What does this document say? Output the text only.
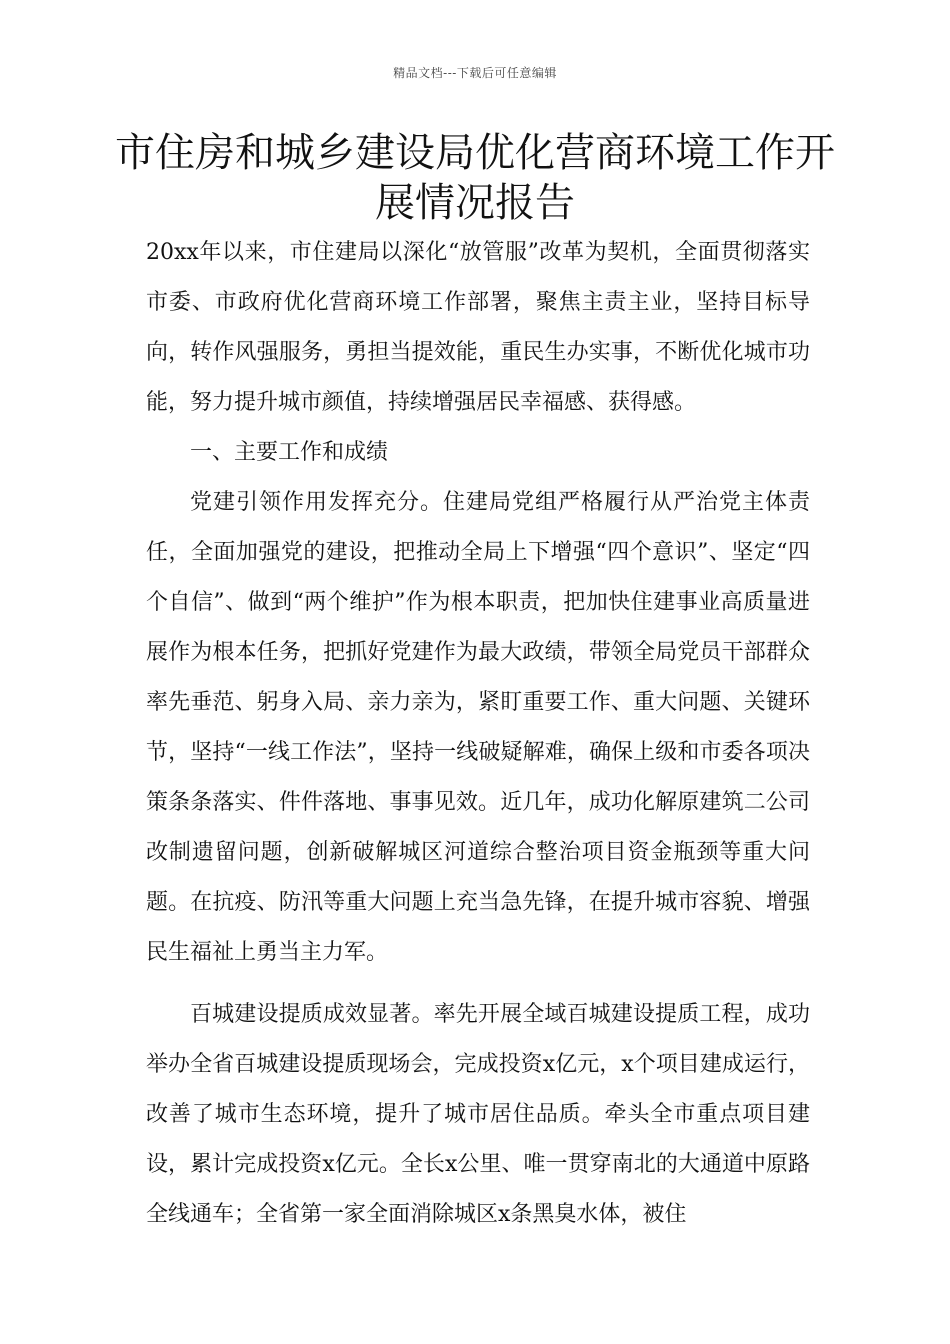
精品文档---下载后可任意编辑
市住房和城乡建设局优化营商环境工作开展情况报告

20xx年以来，市住建局以深化“放管服”改革为契机，全面贯彻落实市委、市政府优化营商环境工作部署，聚焦主责主业，坚持目标导向，转作风强服务，勇担当提效能，重民生办实事，不断优化城市功能，努力提升城市颜值，持续增强居民幸福感、获得感。

一、主要工作和成绩

党建引领作用发挥充分。住建局党组严格履行从严治党主体责任，全面加强党的建设，把推动全局上下增强“四个意识”、坚定“四个自信”、做到“两个维护”作为根本职责，把加快住建事业高质量进展作为根本任务，把抓好党建作为最大政绩，带领全局党员干部群众率先垂范、躬身入局、亲力亲为，紧盯重要工作、重大问题、关键环节，坚持“一线工作法”，坚持一线破疑解难，确保上级和市委各项决策条条落实、件件落地、事事见效。近几年，成功化解原建筑二公司改制遗留问题，创新破解城区河道综合整治项目资金瓶颈等重大问题。在抗疫、防汛等重大问题上充当急先锋，在提升城市容貌、增强民生福祉上勇当主力军。

百城建设提质成效显著。率先开展全域百城建设提质工程，成功举办全省百城建设提质现场会，完成投资x亿元，x个项目建成运行，改善了城市生态环境，提升了城市居住品质。牵头全市重点项目建设，累计完成投资x亿元。全长x公里、唯一贯穿南北的大通道中原路全线通车；全省第一家全面消除城区x条黑臭水体，被住
